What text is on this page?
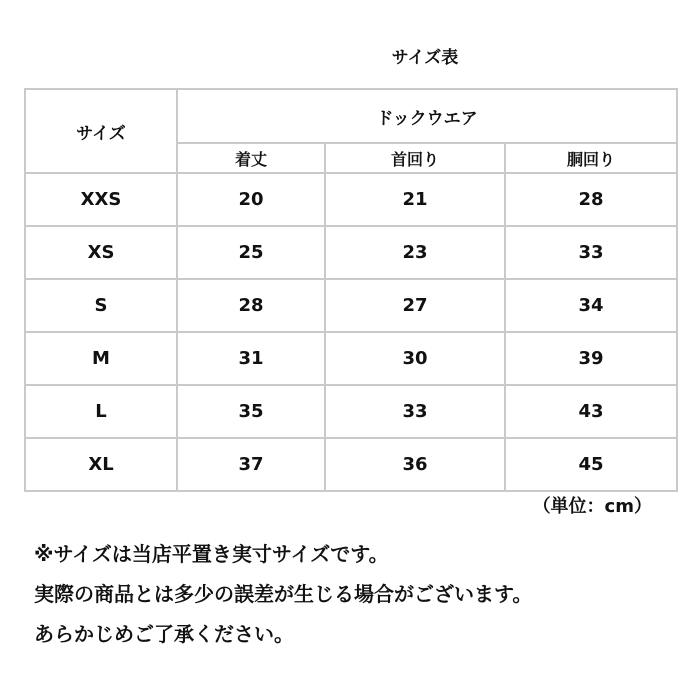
サイズ表
サイズ	ドックウエア		
	着丈	首回り	胴回り
XXS	20	21	28
XS	25	23	33
S	28	27	34
M	31	30	39
L	35	33	43
XL	37	36	45
（単位：cm）
※サイズは当店平置き実寸サイズです。
実際の商品とは多少の誤差が生じる場合がございます。
あらかじめご了承ください。
